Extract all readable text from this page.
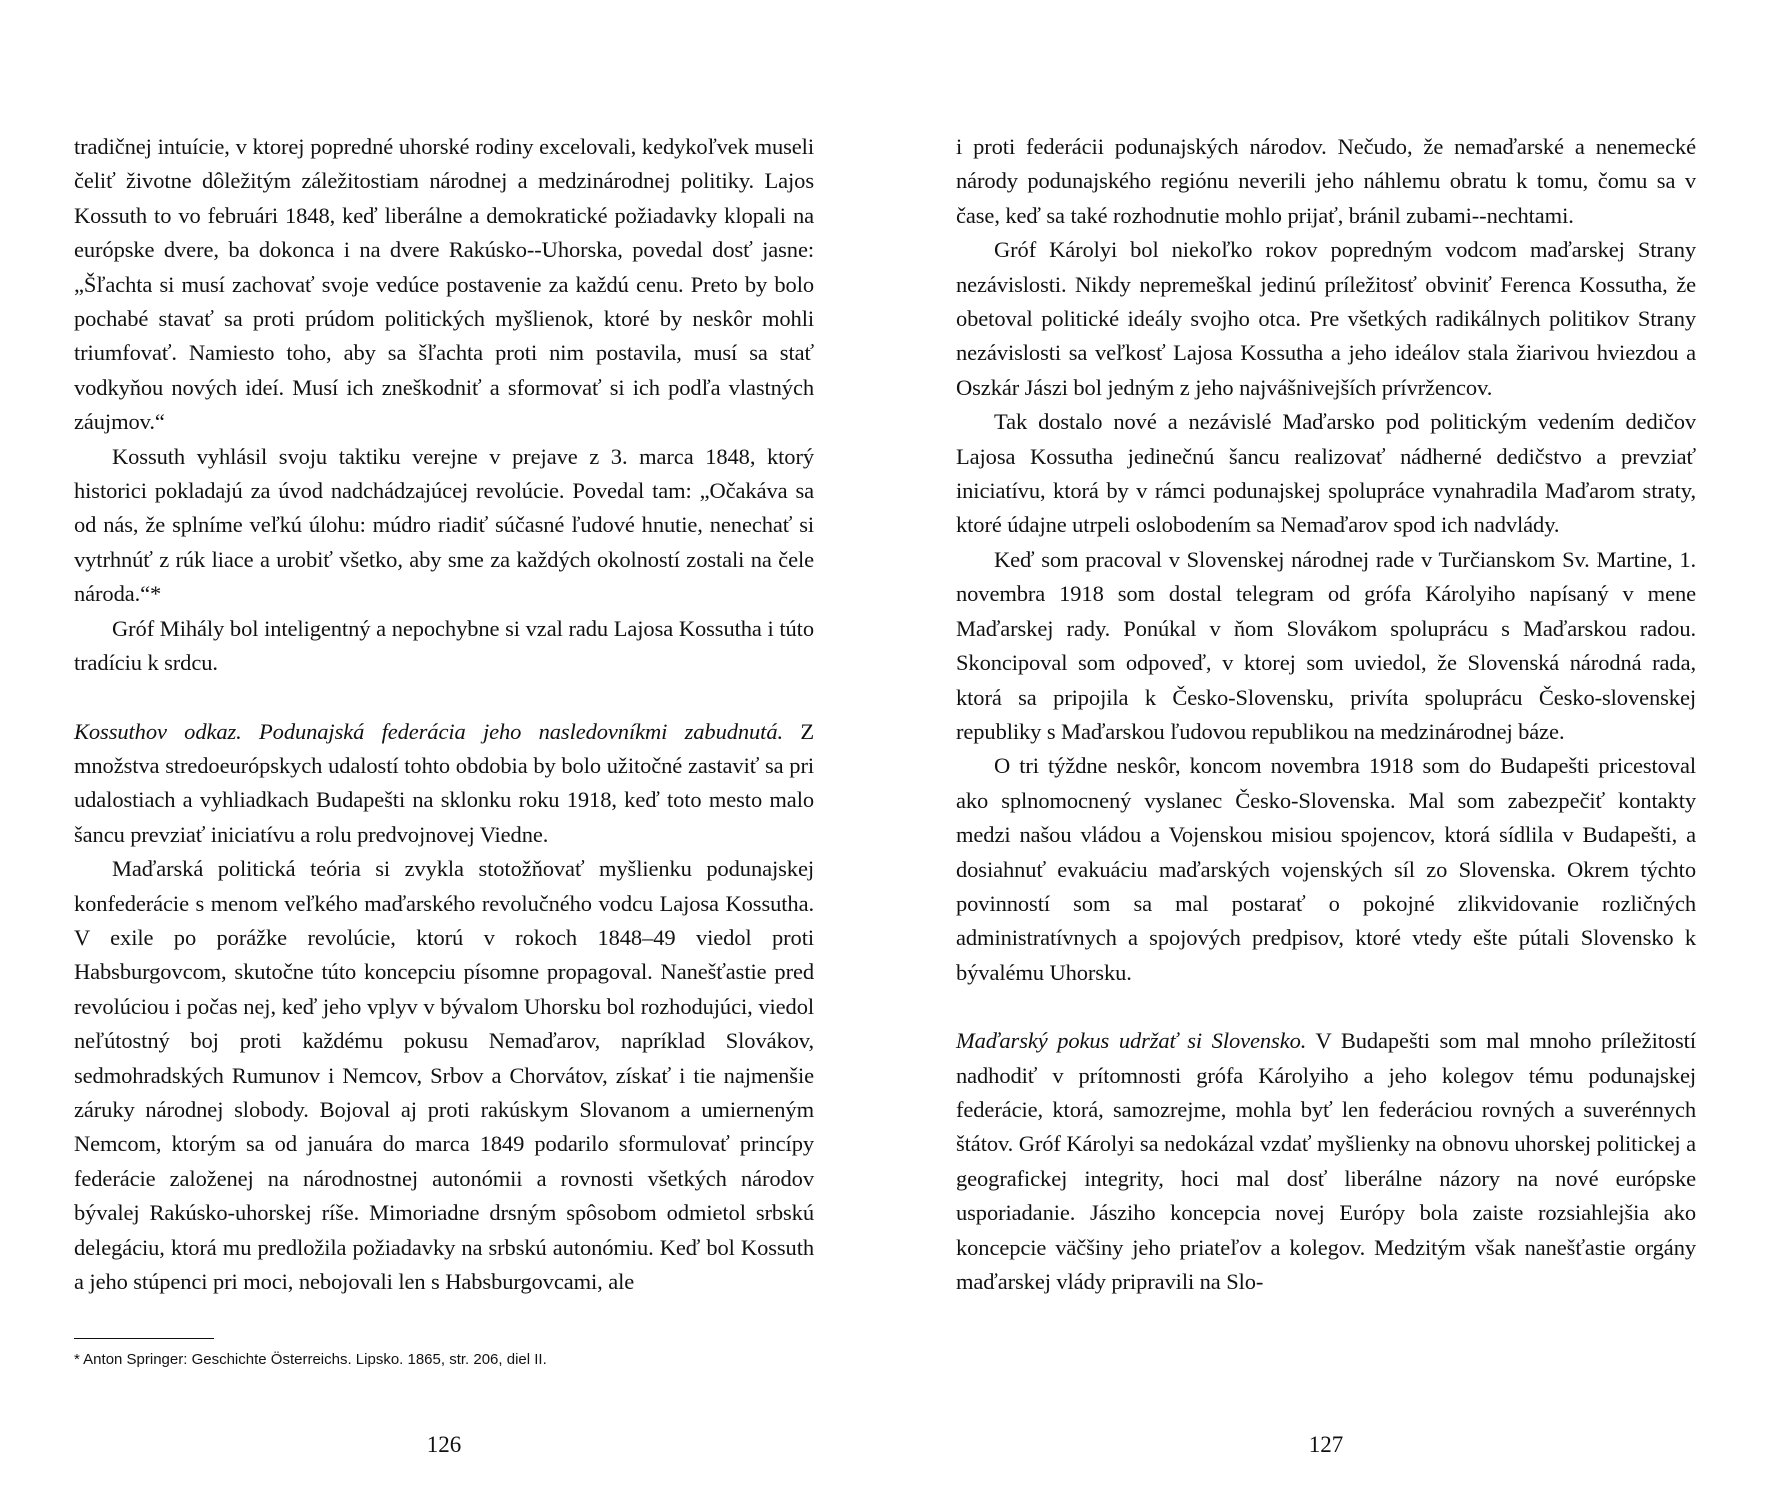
tradičnej intuície, v ktorej popredné uhorské rodiny excelovali, kedykoľvek museli čeliť životne dôležitým záležitostiam národnej a medzinárodnej politiky. Lajos Kossuth to vo februári 1848, keď liberálne a demokratické požiadavky klopali na európske dvere, ba dokonca i na dvere Rakúsko--Uhorska, povedal dosť jasne: „Šľachta si musí zachovať svoje vedúce postavenie za každú cenu. Preto by bolo pochabé stavať sa proti prúdom politických myšlienok, ktoré by neskôr mohli triumfovať. Namiesto toho, aby sa šľachta proti nim postavila, musí sa stať vodkyňou nových ideí. Musí ich zneškodniť a sformovať si ich podľa vlastných záujmov.“

Kossuth vyhlásil svoju taktiku verejne v prejave z 3. marca 1848, ktorý historici pokladajú za úvod nadchádzajúcej revolúcie. Povedal tam: „Očakáva sa od nás, že splníme veľkú úlohu: múdro riadiť súčasné ľudové hnutie, nenechať si vytrhnúť z rúk liace a urobiť všetko, aby sme za každých okolností zostali na čele národa.“*

Gróf Mihály bol inteligentný a nepochybne si vzal radu Lajosa Kossutha i túto tradíciu k srdcu.

Kossuthov odkaz. Podunajská federácia jeho nasledovníkmi zabudnutá. Z množstva stredoeurópskych udalostí tohto obdobia by bolo užitočné zastaviť sa pri udalostiach a vyhliadkach Budapešti na sklonku roku 1918, keď toto mesto malo šancu prevziať iniciatívu a rolu predvojnovej Viedne.

Maďarská politická teória si zvykla stotožňovať myšlienku podunajskej konfederácie s menom veľkého maďarského revolučného vodcu Lajosa Kossutha. V exile po porážke revolúcie, ktorú v rokoch 1848–49 viedol proti Habsburgovcom, skutočne túto koncepciu písomne propagoval. Nanešťastie pred revolúciou i počas nej, keď jeho vplyv v bývalom Uhorsku bol rozhodujúci, viedol neľútostný boj proti každému pokusu Nemaďarov, napríklad Slovákov, sedmohradských Rumunov i Nemcov, Srbov a Chorvátov, získať i tie najmenšie záruky národnej slobody. Bojoval aj proti rakúskym Slovanom a umierneným Nemcom, ktorým sa od januára do marca 1849 podarilo sformulovať princípy federácie založenej na národnostnej autonómii a rovnosti všetkých národov bývalej Rakúsko-uhorskej ríše. Mimoriadne drsným spôsobom odmietol srbskú delegáciu, ktorá mu predložila požiadavky na srbskú autonómiu. Keď bol Kossuth a jeho stúpenci pri moci, nebojovali len s Habsburgovcami, ale

* Anton Springer: Geschichte Österreichs. Lipsko. 1865, str. 206, diel II.
126

i proti federácii podunajských národov. Nečudo, že nemaďarské a nenemecké národy podunajského regiónu neverili jeho náhlemu obratu k tomu, čomu sa v čase, keď sa také rozhodnutie mohlo prijať, bránil zubami--nechtami.

Gróf Károlyi bol niekoľko rokov popredným vodcom maďarskej Strany nezávislosti. Nikdy nepremeškal jedinú príležitosť obviniť Ferenca Kossutha, že obetoval politické ideály svojho otca. Pre všetkých radikálnych politikov Strany nezávislosti sa veľkosť Lajosa Kossutha a jeho ideálov stala žiarivou hviezdou a Oszkár Jászi bol jedným z jeho najvášnivejších prívržencov.

Tak dostalo nové a nezávislé Maďarsko pod politickým vedením dedičov Lajosa Kossutha jedinečnú šancu realizovať nádherné dedičstvo a prevziať iniciatívu, ktorá by v rámci podunajskej spolupráce vynahradila Maďarom straty, ktoré údajne utrpeli oslobodením sa Nemaďarov spod ich nadvlády.

Keď som pracoval v Slovenskej národnej rade v Turčianskom Sv. Martine, 1. novembra 1918 som dostal telegram od grófa Károlyiho napísaný v mene Maďarskej rady. Ponúkal v ňom Slovákom spoluprácu s Maďarskou radou. Skoncipoval som odpoveď, v ktorej som uviedol, že Slovenská národná rada, ktorá sa pripojila k Česko-Slovensku, privíta spoluprácu Česko-slovenskej republiky s Maďarskou ľudovou republikou na medzinárodnej báze.

O tri týždne neskôr, koncom novembra 1918 som do Budapešti pricestoval ako splnomocnený vyslanec Česko-Slovenska. Mal som zabezpečiť kontakty medzi našou vládou a Vojenskou misiou spojencov, ktorá sídlila v Budapešti, a dosiahnuť evakuáciu maďarských vojenských síl zo Slovenska. Okrem týchto povinností som sa mal postarať o pokojné zlikvidovanie rozličných administratívnych a spojových predpisov, ktoré vtedy ešte pútali Slovensko k bývalému Uhorsku.

Maďarský pokus udržať si Slovensko. V Budapešti som mal mnoho príležitostí nadhodiť v prítomnosti grófa Károlyiho a jeho kolegov tému podunajskej federácie, ktorá, samozrejme, mohla byť len federáciou rovných a suverénnych štátov. Gróf Károlyi sa nedokázal vzdať myšlienky na obnovu uhorskej politickej a geografickej integrity, hoci mal dosť liberálne názory na nové európske usporiadanie. Jásziho koncepcia novej Európy bola zaiste rozsiahlejšia ako koncepcie väčšiny jeho priateľov a kolegov. Medzitým však nanešťastie orgány maďarskej vlády pripravili na Slo-

127
